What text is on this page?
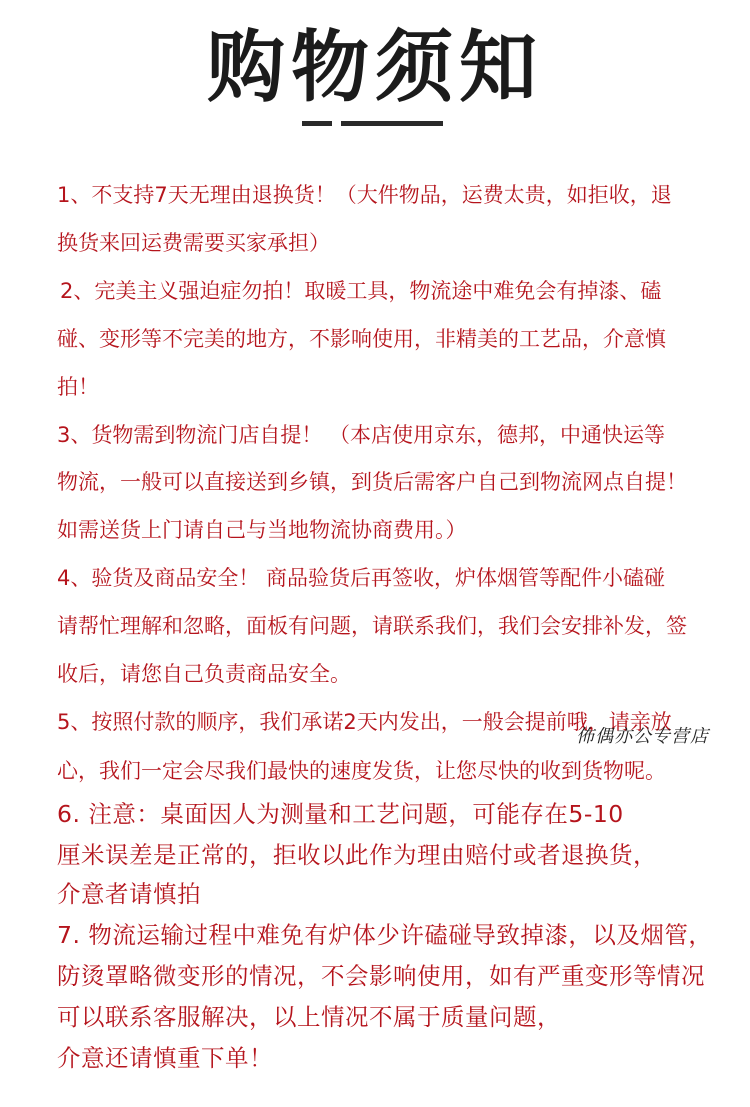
购物须知
1、不支持7天无理由退换货！（大件物品，运费太贵，如拒收，退
换货来回运费需要买家承担）
2、完美主义强迫症勿拍！取暖工具，物流途中难免会有掉漆、磕
碰、变形等不完美的地方，不影响使用，非精美的工艺品，介意慎
拍！
3、货物需到物流门店自提！ （本店使用京东，德邦，中通快运等
物流，一般可以直接送到乡镇，到货后需客户自己到物流网点自提！
如需送货上门请自己与当地物流协商费用。）
4、验货及商品安全！ 商品验货后再签收，炉体烟管等配件小磕碰
请帮忙理解和忽略，面板有问题，请联系我们，我们会安排补发，签
收后，请您自己负责商品安全。
5、按照付款的顺序，我们承诺2天内发出，一般会提前哦，请亲放
心，我们一定会尽我们最快的速度发货，让您尽快的收到货物呢。
6. 注意：桌面因人为测量和工艺问题，可能存在5-10
厘米误差是正常的，拒收以此作为理由赔付或者退换货，
介意者请慎拍
7. 物流运输过程中难免有炉体少许磕碰导致掉漆，以及烟管，
防烫罩略微变形的情况，不会影响使用，如有严重变形等情况
可以联系客服解决，以上情况不属于质量问题，
介意还请慎重下单！
佈偶亦公专营店
